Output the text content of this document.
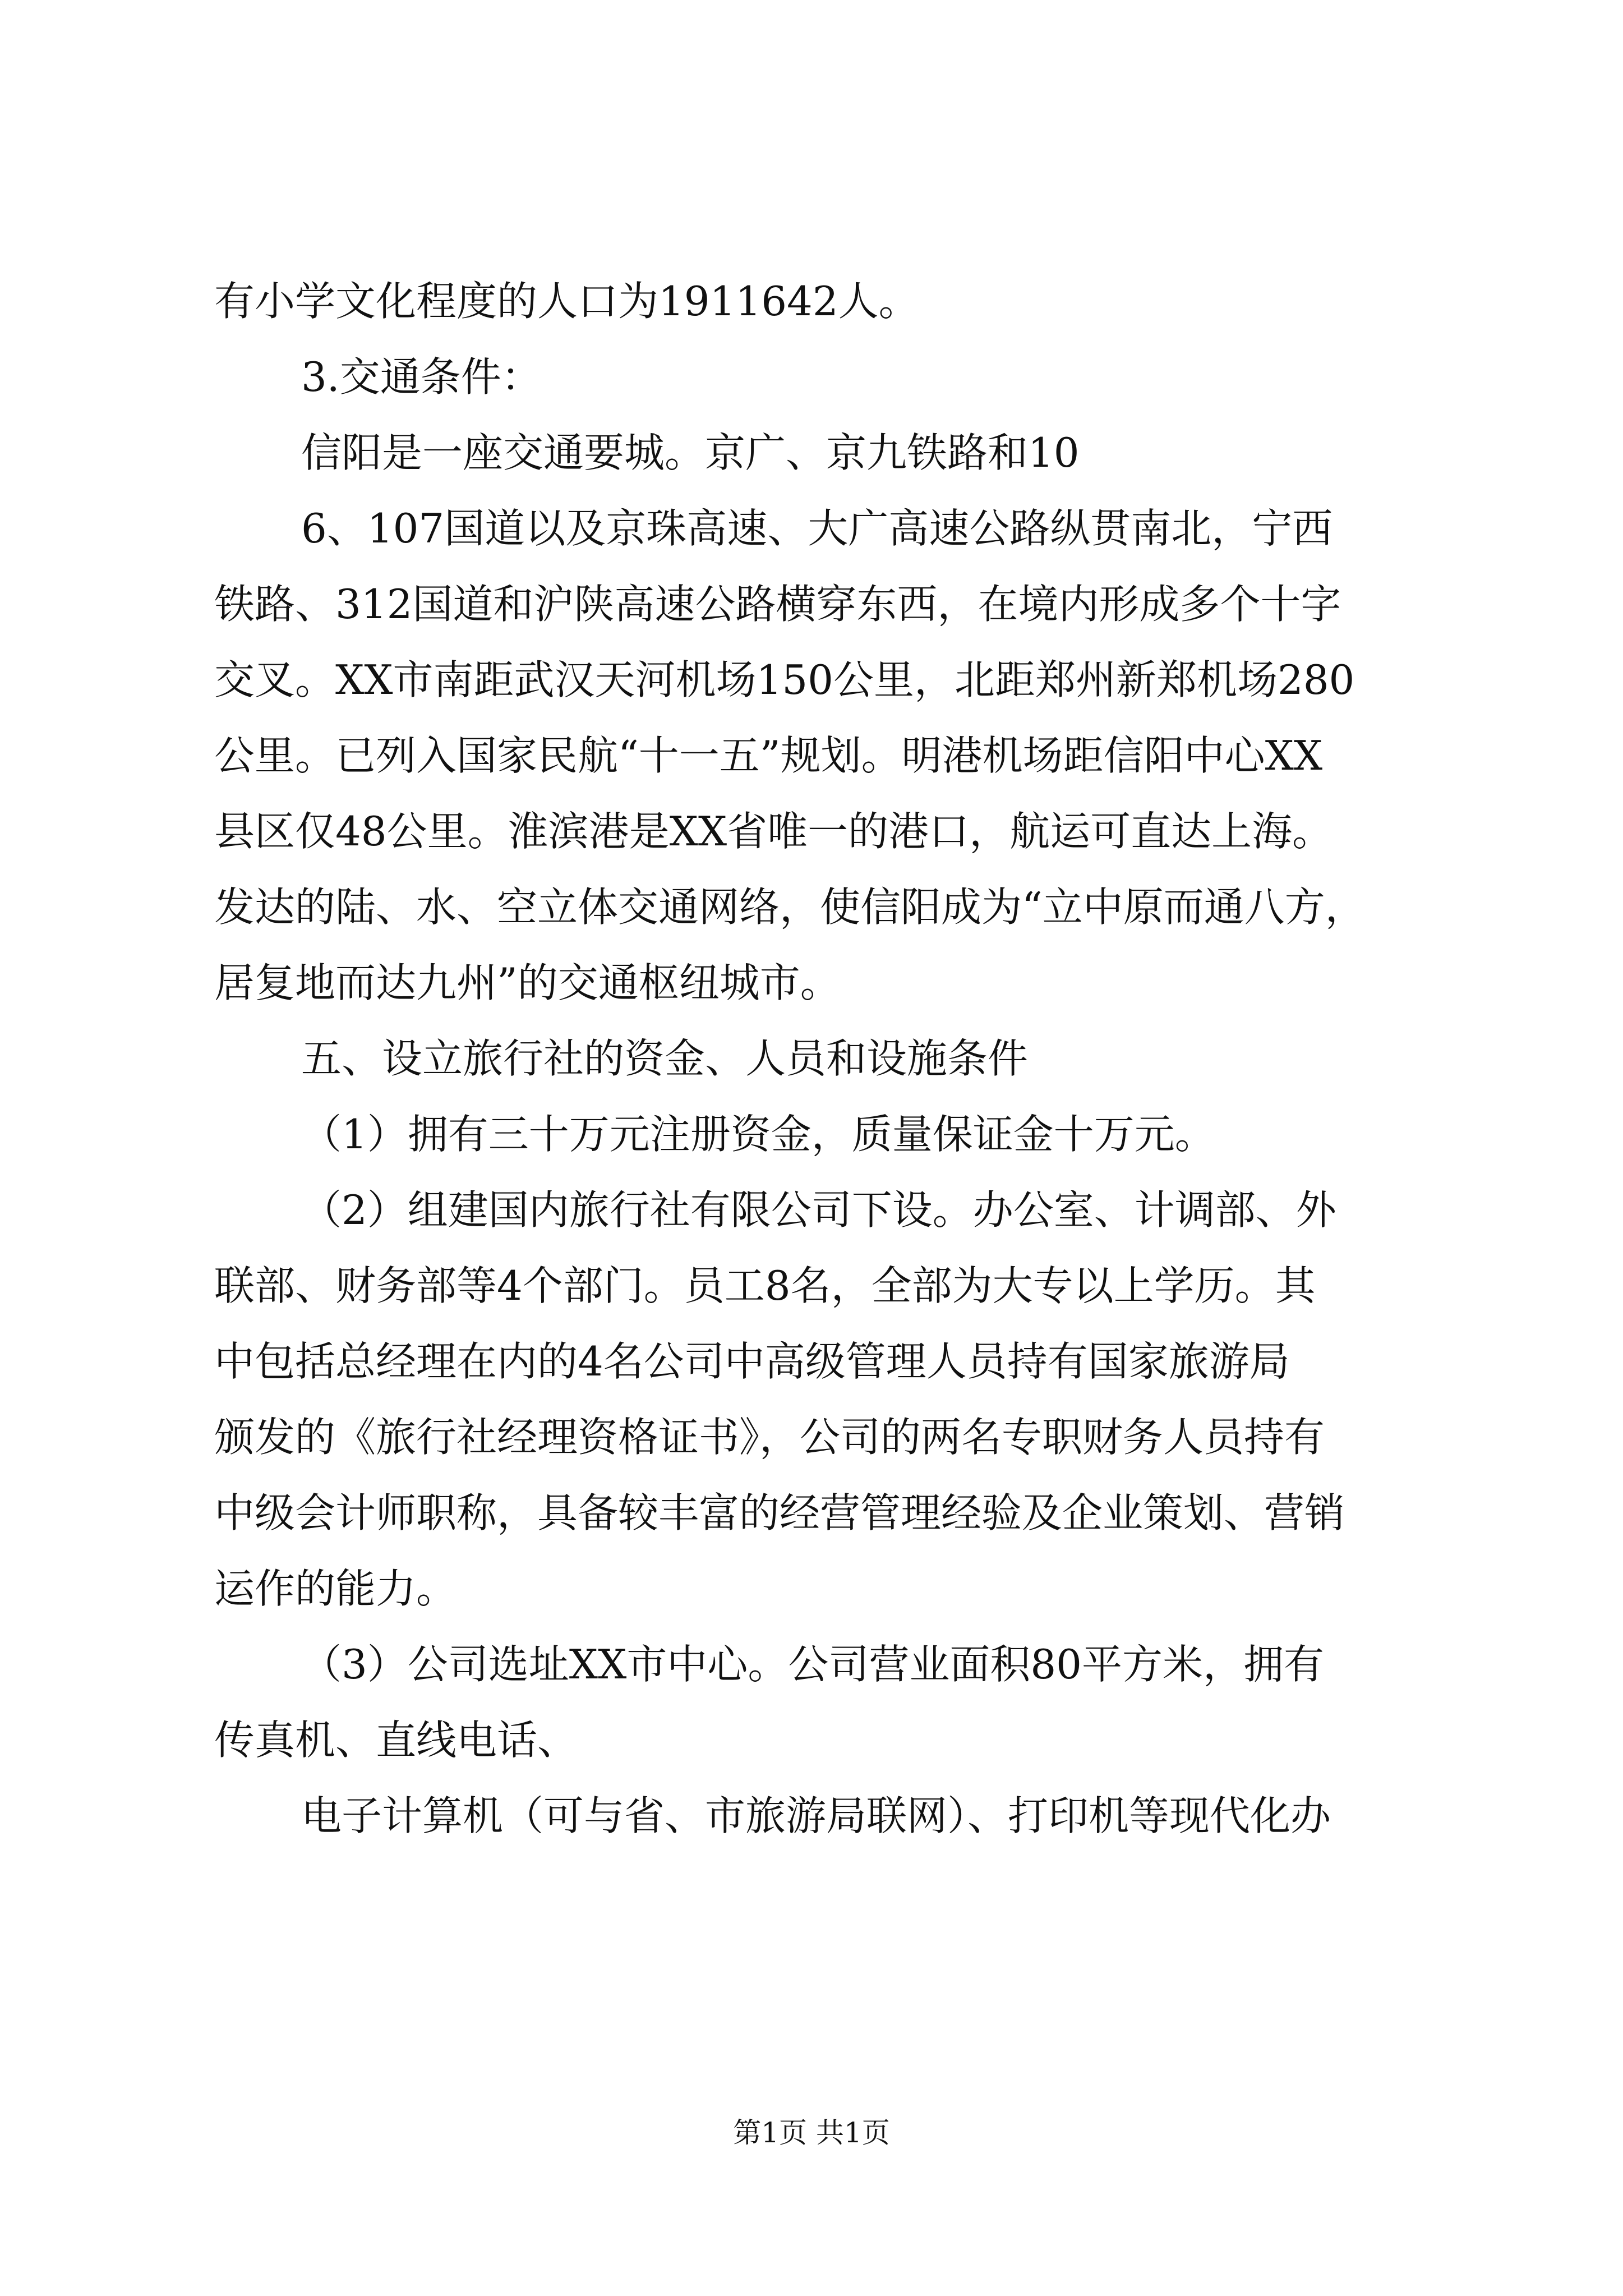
有小学文化程度的人口为1911642人。
3.交通条件：
信阳是一座交通要城。京广、京九铁路和10
6、107国道以及京珠高速、大广高速公路纵贯南北，宁西
铁路、312国道和沪陕高速公路横穿东西，在境内形成多个十字
交叉。XX市南距武汉天河机场150公里，北距郑州新郑机场280
公里。已列入国家民航“十一五”规划。明港机场距信阳中心XX
县区仅48公里。淮滨港是XX省唯一的港口，航运可直达上海。
发达的陆、水、空立体交通网络，使信阳成为“立中原而通八方，
居复地而达九州”的交通枢纽城市。
五、设立旅行社的资金、人员和设施条件
（1）拥有三十万元注册资金，质量保证金十万元。
（2）组建国内旅行社有限公司下设。办公室、计调部、外
联部、财务部等4个部门。员工8名，全部为大专以上学历。其
中包括总经理在内的4名公司中高级管理人员持有国家旅游局
颁发的《旅行社经理资格证书》，公司的两名专职财务人员持有
中级会计师职称，具备较丰富的经营管理经验及企业策划、营销
运作的能力。
（3）公司选址XX市中心。公司营业面积80平方米，拥有
传真机、直线电话、
电子计算机（可与省、市旅游局联网）、打印机等现代化办
第1页 共1页
